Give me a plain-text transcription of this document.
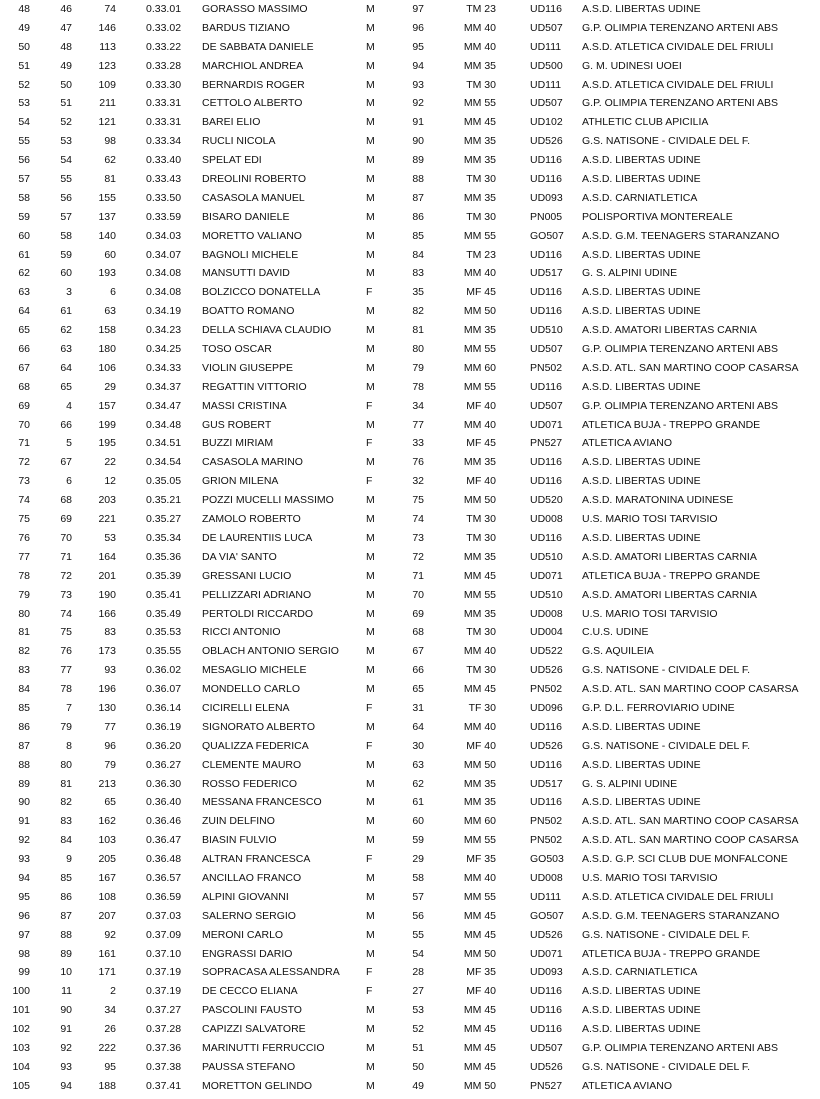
48	46	74	0.33.01	GORASSO MASSIMO	M	97	TM 23	UD116	A.S.D. LIBERTAS UDINE
49	47	146	0.33.02	BARDUS TIZIANO	M	96	MM 40	UD507	G.P. OLIMPIA TERENZANO ARTENI ABS
50	48	113	0.33.22	DE SABBATA DANIELE	M	95	MM 40	UD111	A.S.D. ATLETICA CIVIDALE DEL FRIULI
51	49	123	0.33.28	MARCHIOL ANDREA	M	94	MM 35	UD500	G. M. UDINESI UOEI
52	50	109	0.33.30	BERNARDIS ROGER	M	93	TM 30	UD111	A.S.D. ATLETICA CIVIDALE DEL FRIULI
53	51	211	0.33.31	CETTOLO ALBERTO	M	92	MM 55	UD507	G.P. OLIMPIA TERENZANO ARTENI ABS
54	52	121	0.33.31	BAREI ELIO	M	91	MM 45	UD102	ATHLETIC CLUB APICILIA
55	53	98	0.33.34	RUCLI NICOLA	M	90	MM 35	UD526	G.S. NATISONE - CIVIDALE DEL F.
56	54	62	0.33.40	SPELAT EDI	M	89	MM 35	UD116	A.S.D. LIBERTAS UDINE
57	55	81	0.33.43	DREOLINI ROBERTO	M	88	TM 30	UD116	A.S.D. LIBERTAS UDINE
58	56	155	0.33.50	CASASOLA MANUEL	M	87	MM 35	UD093	A.S.D. CARNIATLETICA
59	57	137	0.33.59	BISARO DANIELE	M	86	TM 30	PN005	POLISPORTIVA MONTEREALE
60	58	140	0.34.03	MORETTO VALIANO	M	85	MM 55	GO507	A.S.D. G.M. TEENAGERS STARANZANO
61	59	60	0.34.07	BAGNOLI MICHELE	M	84	TM 23	UD116	A.S.D. LIBERTAS UDINE
62	60	193	0.34.08	MANSUTTI DAVID	M	83	MM 40	UD517	G. S. ALPINI UDINE
63	3	6	0.34.08	BOLZICCO DONATELLA	F	35	MF 45	UD116	A.S.D. LIBERTAS UDINE
64	61	63	0.34.19	BOATTO ROMANO	M	82	MM 50	UD116	A.S.D. LIBERTAS UDINE
65	62	158	0.34.23	DELLA SCHIAVA CLAUDIO	M	81	MM 35	UD510	A.S.D. AMATORI LIBERTAS CARNIA
66	63	180	0.34.25	TOSO OSCAR	M	80	MM 55	UD507	G.P. OLIMPIA TERENZANO ARTENI ABS
67	64	106	0.34.33	VIOLIN GIUSEPPE	M	79	MM 60	PN502	A.S.D. ATL. SAN MARTINO COOP CASARSA
68	65	29	0.34.37	REGATTIN VITTORIO	M	78	MM 55	UD116	A.S.D. LIBERTAS UDINE
69	4	157	0.34.47	MASSI CRISTINA	F	34	MF 40	UD507	G.P. OLIMPIA TERENZANO ARTENI ABS
70	66	199	0.34.48	GUS ROBERT	M	77	MM 40	UD071	ATLETICA BUJA - TREPPO GRANDE
71	5	195	0.34.51	BUZZI MIRIAM	F	33	MF 45	PN527	ATLETICA AVIANO
72	67	22	0.34.54	CASASOLA MARINO	M	76	MM 35	UD116	A.S.D. LIBERTAS UDINE
73	6	12	0.35.05	GRION MILENA	F	32	MF 40	UD116	A.S.D. LIBERTAS UDINE
74	68	203	0.35.21	POZZI MUCELLI MASSIMO	M	75	MM 50	UD520	A.S.D. MARATONINA UDINESE
75	69	221	0.35.27	ZAMOLO ROBERTO	M	74	TM 30	UD008	U.S. MARIO TOSI TARVISIO
76	70	53	0.35.34	DE LAURENTIIS LUCA	M	73	TM 30	UD116	A.S.D. LIBERTAS UDINE
77	71	164	0.35.36	DA VIA' SANTO	M	72	MM 35	UD510	A.S.D. AMATORI LIBERTAS CARNIA
78	72	201	0.35.39	GRESSANI LUCIO	M	71	MM 45	UD071	ATLETICA BUJA - TREPPO GRANDE
79	73	190	0.35.41	PELLIZZARI ADRIANO	M	70	MM 55	UD510	A.S.D. AMATORI LIBERTAS CARNIA
80	74	166	0.35.49	PERTOLDI RICCARDO	M	69	MM 35	UD008	U.S. MARIO TOSI TARVISIO
81	75	83	0.35.53	RICCI ANTONIO	M	68	TM 30	UD004	C.U.S. UDINE
82	76	173	0.35.55	OBLACH ANTONIO SERGIO	M	67	MM 40	UD522	G.S. AQUILEIA
83	77	93	0.36.02	MESAGLIO MICHELE	M	66	TM 30	UD526	G.S. NATISONE - CIVIDALE DEL F.
84	78	196	0.36.07	MONDELLO CARLO	M	65	MM 45	PN502	A.S.D. ATL. SAN MARTINO COOP CASARSA
85	7	130	0.36.14	CICIRELLI ELENA	F	31	TF 30	UD096	G.P. D.L. FERROVIARIO UDINE
86	79	77	0.36.19	SIGNORATO ALBERTO	M	64	MM 40	UD116	A.S.D. LIBERTAS UDINE
87	8	96	0.36.20	QUALIZZA FEDERICA	F	30	MF 40	UD526	G.S. NATISONE - CIVIDALE DEL F.
88	80	79	0.36.27	CLEMENTE MAURO	M	63	MM 50	UD116	A.S.D. LIBERTAS UDINE
89	81	213	0.36.30	ROSSO FEDERICO	M	62	MM 35	UD517	G. S. ALPINI UDINE
90	82	65	0.36.40	MESSANA FRANCESCO	M	61	MM 35	UD116	A.S.D. LIBERTAS UDINE
91	83	162	0.36.46	ZUIN DELFINO	M	60	MM 60	PN502	A.S.D. ATL. SAN MARTINO COOP CASARSA
92	84	103	0.36.47	BIASIN FULVIO	M	59	MM 55	PN502	A.S.D. ATL. SAN MARTINO COOP CASARSA
93	9	205	0.36.48	ALTRAN FRANCESCA	F	29	MF 35	GO503	A.S.D. G.P. SCI CLUB DUE MONFALCONE
94	85	167	0.36.57	ANCILLAO FRANCO	M	58	MM 40	UD008	U.S. MARIO TOSI TARVISIO
95	86	108	0.36.59	ALPINI GIOVANNI	M	57	MM 55	UD111	A.S.D. ATLETICA CIVIDALE DEL FRIULI
96	87	207	0.37.03	SALERNO SERGIO	M	56	MM 45	GO507	A.S.D. G.M. TEENAGERS STARANZANO
97	88	92	0.37.09	MERONI CARLO	M	55	MM 45	UD526	G.S. NATISONE - CIVIDALE DEL F.
98	89	161	0.37.10	ENGRASSI DARIO	M	54	MM 50	UD071	ATLETICA BUJA - TREPPO GRANDE
99	10	171	0.37.19	SOPRACASA ALESSANDRA	F	28	MF 35	UD093	A.S.D. CARNIATLETICA
100	11	2	0.37.19	DE CECCO ELIANA	F	27	MF 40	UD116	A.S.D. LIBERTAS UDINE
101	90	34	0.37.27	PASCOLINI FAUSTO	M	53	MM 45	UD116	A.S.D. LIBERTAS UDINE
102	91	26	0.37.28	CAPIZZI SALVATORE	M	52	MM 45	UD116	A.S.D. LIBERTAS UDINE
103	92	222	0.37.36	MARINUTTI FERRUCCIO	M	51	MM 45	UD507	G.P. OLIMPIA TERENZANO ARTENI ABS
104	93	95	0.37.38	PAUSSA STEFANO	M	50	MM 45	UD526	G.S. NATISONE - CIVIDALE DEL F.
105	94	188	0.37.41	MORETTON GELINDO	M	49	MM 50	PN527	ATLETICA AVIANO
